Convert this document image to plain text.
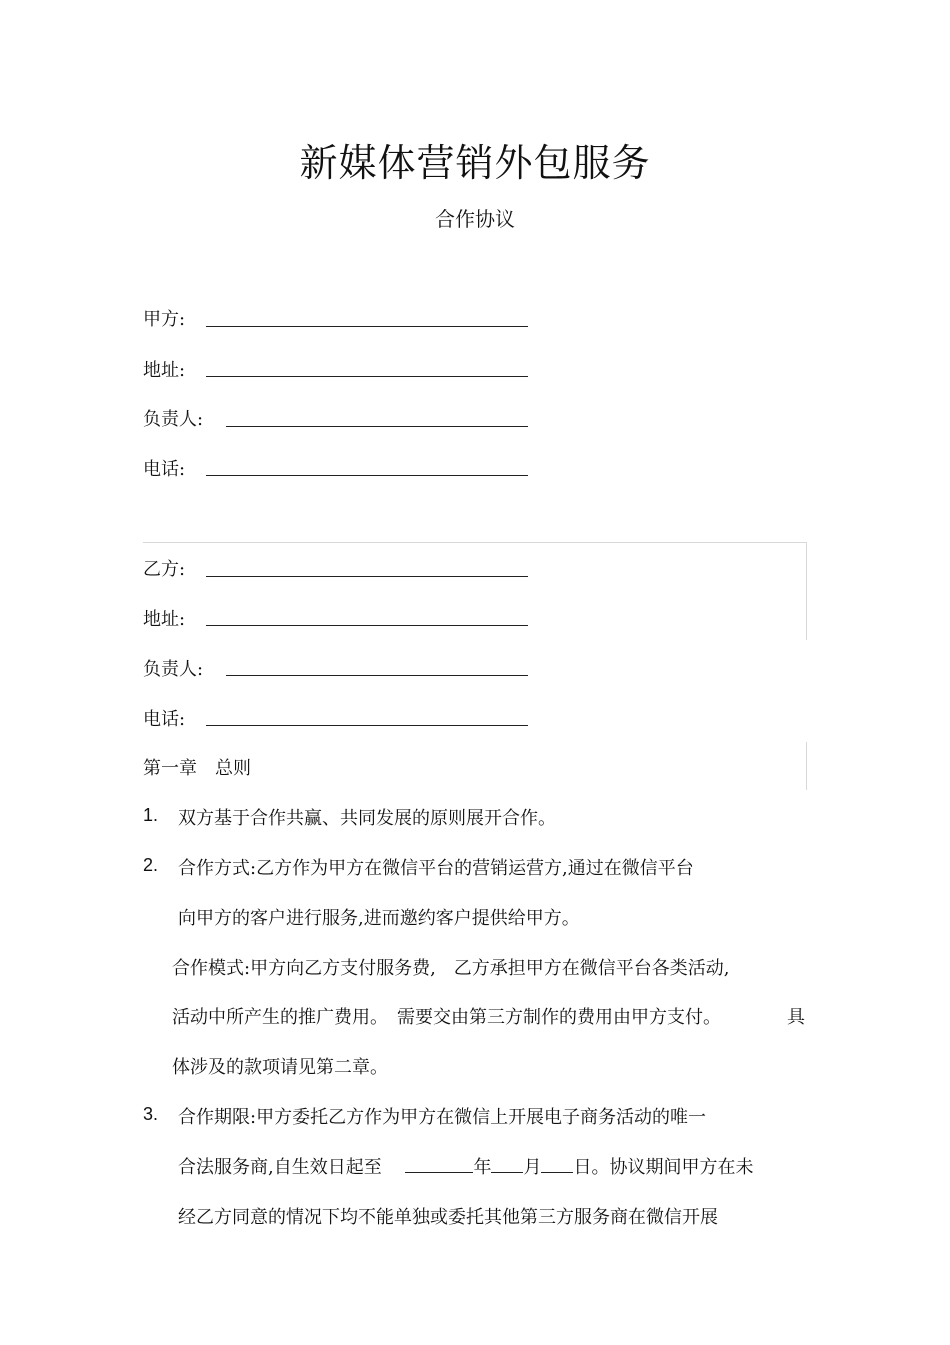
新媒体营销外包服务
合作协议
甲方:
地址:
负责人:
电话:
乙方:
地址:
负责人:
电话:
第一章　总则
1. 双方基于合作共赢、共同发展的原则展开合作。
2. 合作方式:乙方作为甲方在微信平台的营销运营方,通过在微信平台
向甲方的客户进行服务,进而邀约客户提供给甲方。
合作模式:甲方向乙方支付服务费,　乙方承担甲方在微信平台各类活动,
活动中所产生的推广费用。　需要交由第三方制作的费用由甲方支付。	具
体涉及的款项请见第二章。
3. 合作期限:甲方委托乙方作为甲方在微信上开展电子商务活动的唯一
合法服务商,自生效日起至	年 月 日。协议期间甲方在未
经乙方同意的情况下均不能单独或委托其他第三方服务商在微信开展
